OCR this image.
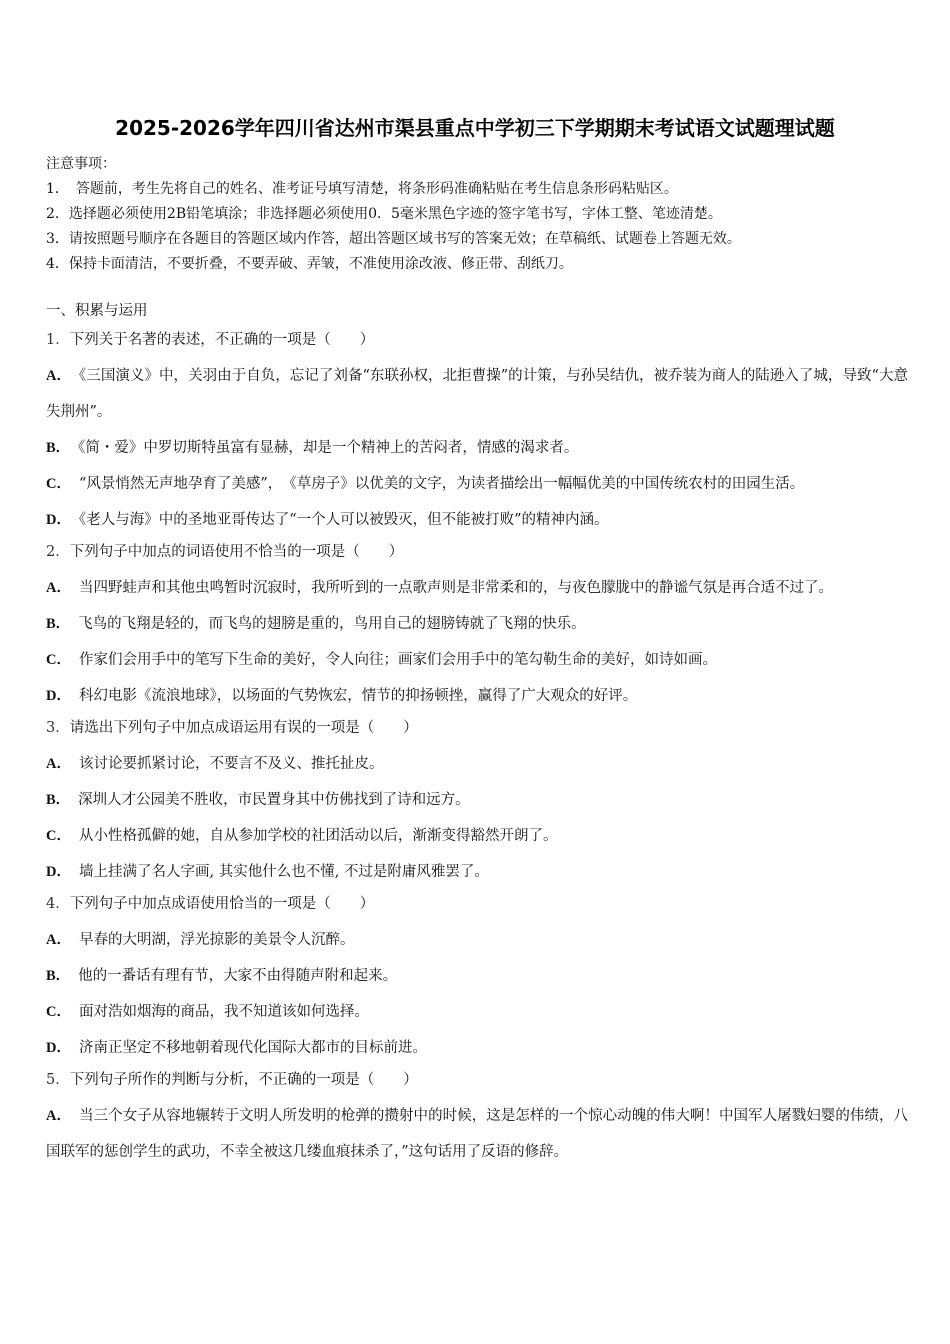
2025-2026学年四川省达州市渠县重点中学初三下学期期末考试语文试题理试题
注意事项：
1．　答题前，考生先将自己的姓名、准考证号填写清楚，将条形码准确粘贴在考生信息条形码粘贴区。
2．选择题必须使用2B铅笔填涂；非选择题必须使用0．5毫米黑色字迹的签字笔书写，字体工整、笔迹清楚。
3．请按照题号顺序在各题目的答题区域内作答，超出答题区域书写的答案无效；在草稿纸、试题卷上答题无效。
4．保持卡面清洁，不要折叠，不要弄破、弄皱，不准使用涂改液、修正带、刮纸刀。
一、积累与运用
1．下列关于名著的表述，不正确的一项是（　　）
A． 《三国演义》中，关羽由于自负，忘记了刘备“东联孙权，北拒曹操”的计策，与孙吴结仇，被乔装为商人的陆逊入了城，导致“大意失荆州”。
B． 《简・爱》中罗切斯特虽富有显赫，却是一个精神上的苦闷者，情感的渴求者。
C． “风景悄然无声地孕育了美感”，　《草房子》以优美的文字，为读者描绘出一幅幅优美的中国传统农村的田园生活。
D． 《老人与海》中的圣地亚哥传达了“一个人可以被毁灭，但不能被打败”的精神内涵。
2．下列句子中加点的词语使用不恰当的一项是（　　）
A． 当四野蛙声和其他虫鸣暂时沉寂时，我所听到的一点歌声则是非常柔和的，与夜色朦胧中的静谧气氛是再合适不过了。
B． 飞鸟的飞翔是轻的，而飞鸟的翅膀是重的，鸟用自己的翅膀铸就了飞翔的快乐。
C． 作家们会用手中的笔写下生命的美好，令人向往；画家们会用手中的笔勾勒生命的美好，如诗如画。
D． 科幻电影《流浪地球》，以场面的气势恢宏，情节的抑扬顿挫，赢得了广大观众的好评。
3．请选出下列句子中加点成语运用有误的一项是（　　）
A． 该讨论要抓紧讨论，不要言不及义、推托扯皮。
B． 深圳人才公园美不胜收，市民置身其中仿佛找到了诗和远方。
C． 从小性格孤僻的她，自从参加学校的社团活动以后，渐渐变得豁然开朗了。
D． 墙上挂满了名人字画, 其实他什么也不懂, 不过是附庸风雅罢了。
4．下列句子中加点成语使用恰当的一项是（　　）
A． 早春的大明湖，浮光掠影的美景令人沉醉。
B． 他的一番话有理有节，大家不由得随声附和起来。
C． 面对浩如烟海的商品，我不知道该如何选择。
D． 济南正坚定不移地朝着现代化国际大都市的目标前进。
5．下列句子所作的判断与分析，不正确的一项是（　　）
A． 当三个女子从容地辗转于文明人所发明的枪弹的攒射中的时候，这是怎样的一个惊心动魄的伟大啊！中国军人屠戮妇婴的伟绩，八国联军的惩创学生的武功，不幸全被这几缕血痕抹杀了，”这句话用了反语的修辞。
